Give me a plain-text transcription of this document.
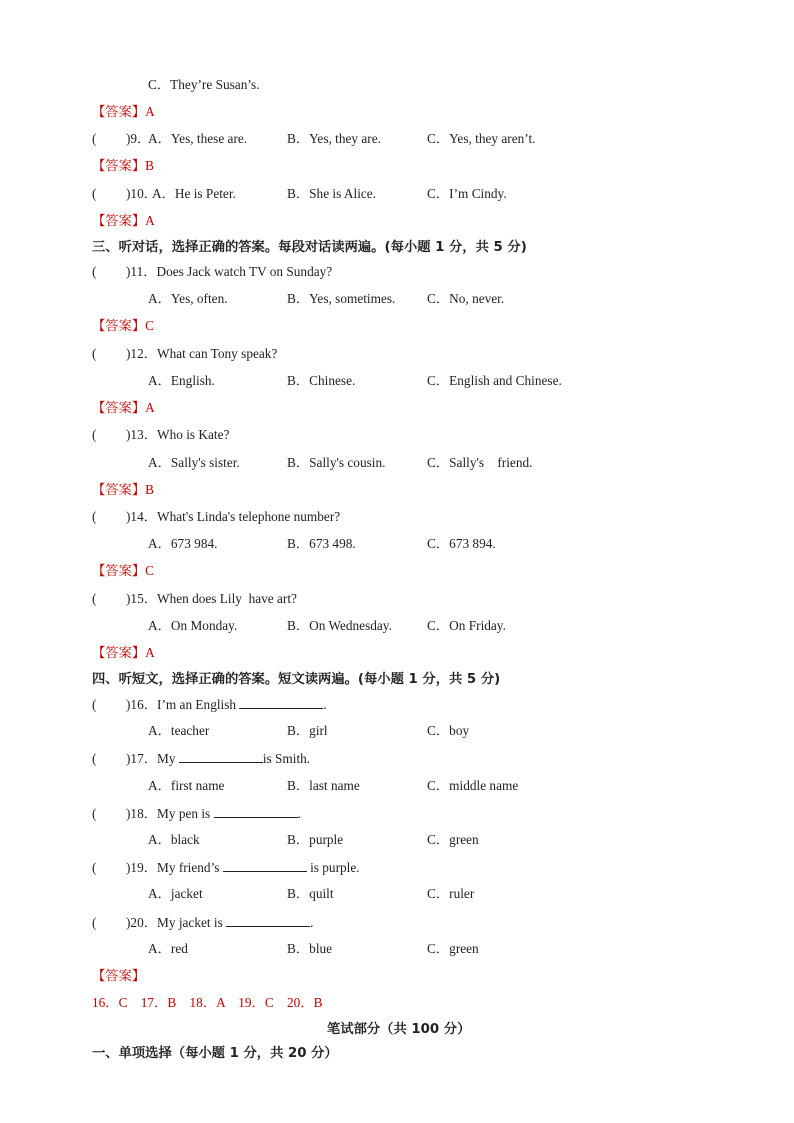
C．They’re Susan’s.
【答案】A
( )9．
A．Yes, these are.	B．Yes, they are.	C．Yes, they aren’t.
【答案】B
( )10．
A．He is Peter.	B．She is Alice.	C．I’m Cindy.
【答案】A
三、听对话，选择正确的答案。每段对话读两遍。(每小题 1 分，共 5 分)
( )11．Does Jack watch TV on Sunday?
A．Yes, often.	B．Yes, sometimes. C．No, never.
【答案】C
( )12．What can Tony speak?
A．English.	B．Chinese.	C．English and Chinese.
【答案】A
( )13．Who is Kate?
A．Sally's sister.	B．Sally's cousin.	C．Sally's    friend.
【答案】B
( )14．What's Linda's telephone number?
A．673 984.	B．673 498.	C．673 894.
【答案】C
( )15．When does Lily  have art?
A．On Monday.	B．On Wednesday.	C．On Friday.
【答案】A
四、听短文，选择正确的答案。短文读两遍。(每小题 1 分，共 5 分)
( )16．I’m an English	.
A．teacher	B．girl	C．boy
( )17．My	is Smith.
A．first name	B．last name	C．middle name
( )18．My pen is	.
A．black	B．purple	C．green
( )19．My friend’s	is purple.
A．jacket	B．quilt	C．ruler
( )20．My jacket is	.
A．red	B．blue	C．green
【答案】
16．C    17．B    18．A    19．C    20．B
笔试部分（共 100 分）
一、单项选择（每小题 1 分，共 20 分）
